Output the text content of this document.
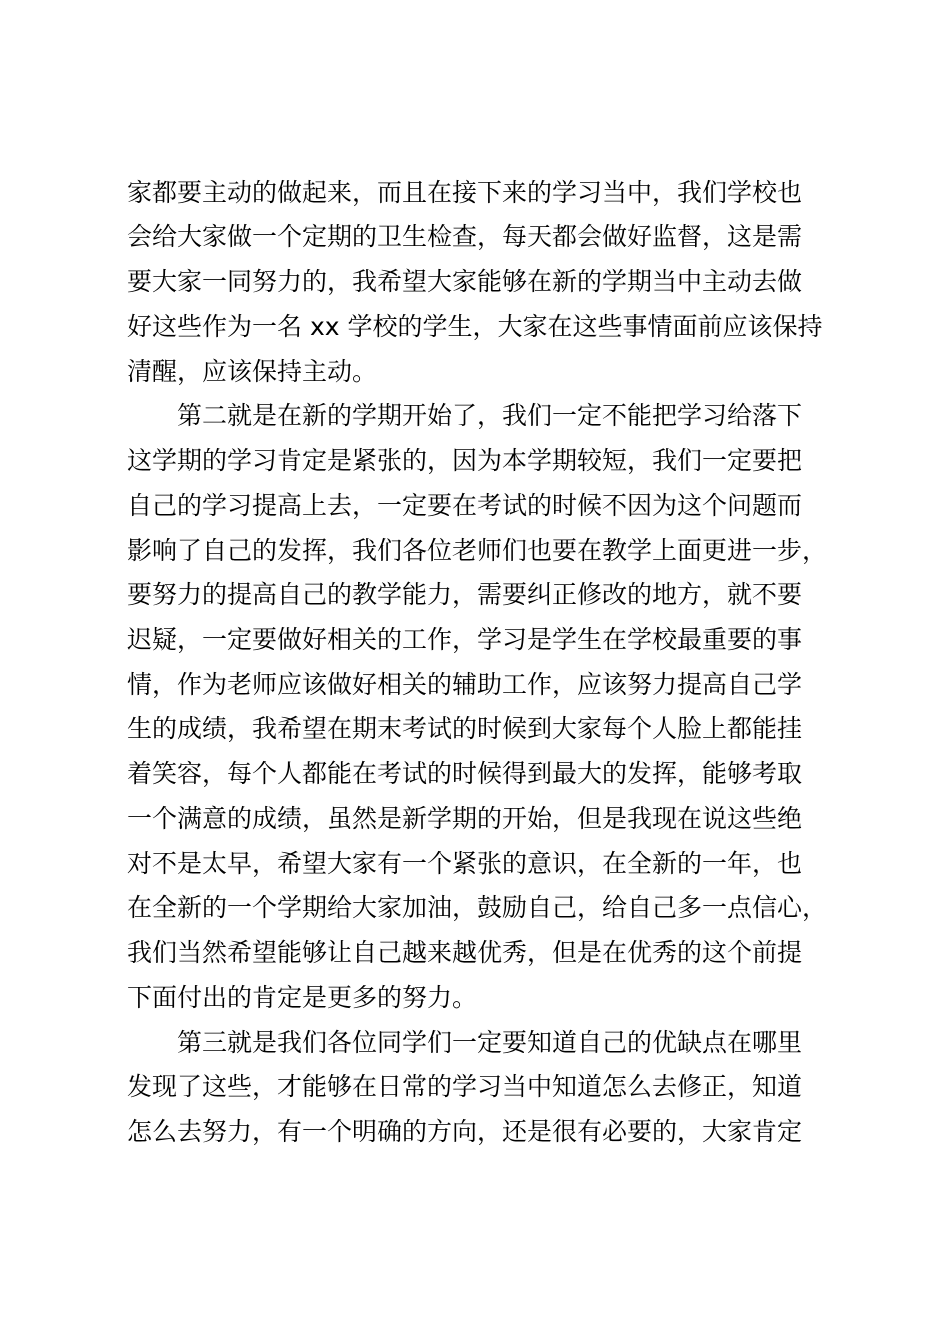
家都要主动的做起来，而且在接下来的学习当中，我们学校也
会给大家做一个定期的卫生检查，每天都会做好监督，这是需
要大家一同努力的，我希望大家能够在新的学期当中主动去做
好这些作为一名 xx 学校的学生，大家在这些事情面前应该保持
清醒，应该保持主动。
第二就是在新的学期开始了，我们一定不能把学习给落下
这学期的学习肯定是紧张的，因为本学期较短，我们一定要把
自己的学习提高上去，一定要在考试的时候不因为这个问题而
影响了自己的发挥，我们各位老师们也要在教学上面更进一步，
要努力的提高自己的教学能力，需要纠正修改的地方，就不要
迟疑，一定要做好相关的工作，学习是学生在学校最重要的事
情，作为老师应该做好相关的辅助工作，应该努力提高自己学
生的成绩，我希望在期末考试的时候到大家每个人脸上都能挂
着笑容，每个人都能在考试的时候得到最大的发挥，能够考取
一个满意的成绩，虽然是新学期的开始，但是我现在说这些绝
对不是太早，希望大家有一个紧张的意识，在全新的一年，也
在全新的一个学期给大家加油，鼓励自己，给自己多一点信心，
我们当然希望能够让自己越来越优秀，但是在优秀的这个前提
下面付出的肯定是更多的努力。
第三就是我们各位同学们一定要知道自己的优缺点在哪里
发现了这些，才能够在日常的学习当中知道怎么去修正，知道
怎么去努力，有一个明确的方向，还是很有必要的，大家肯定
